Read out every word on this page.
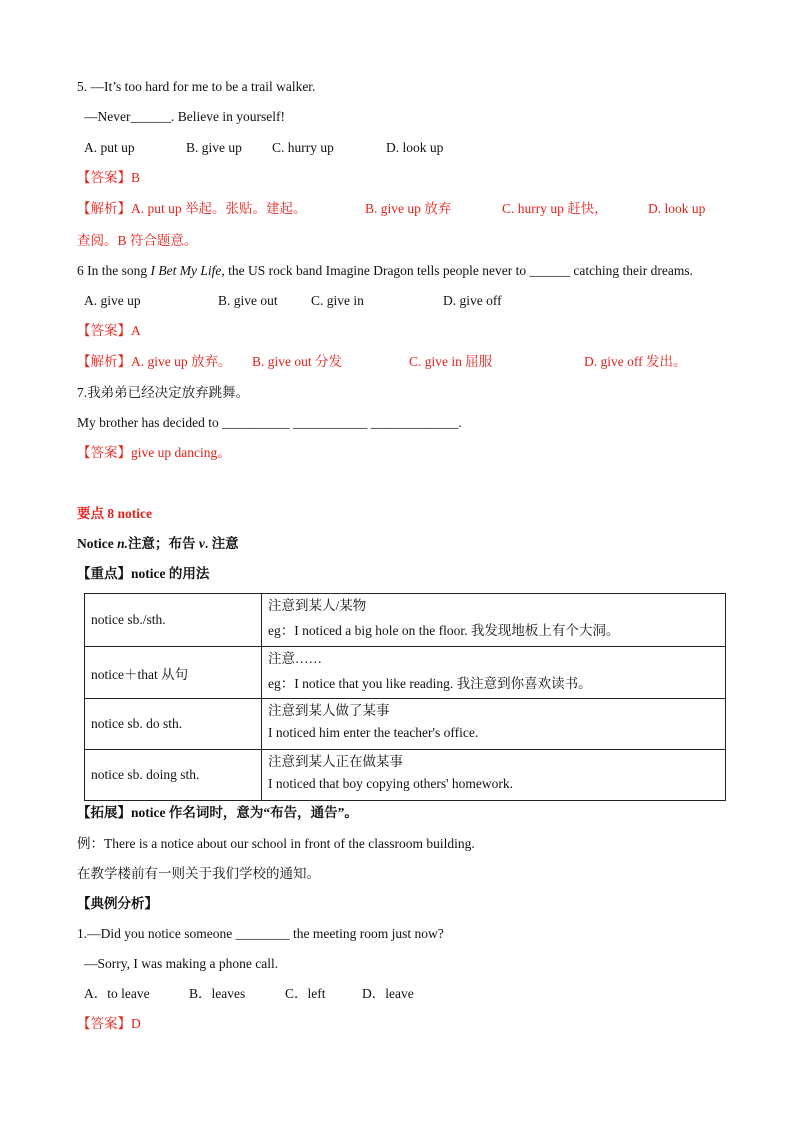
5. —It’s too hard for me to be a trail walker.
—Never______. Believe in yourself!
A. put up	B. give up C. hurry up	D. look up
【答案】B
【解析】A. put up 举起。张贴。建起。	B. give up 放弃	C. hurry up 赶快，	D. look up
查阅。B 符合题意。
6 In the song I Bet My Life, the US rock band Imagine Dragon tells people never to ______ catching their dreams.
A. give up	B. give out C. give in	D. give off
【答案】A
【解析】A. give up 放弃。 B. give out 分发	C. give in 屈服	D. give off 发出。
7.我弟弟已经决定放弃跳舞。
My brother has decided to __________ ___________ _____________.
【答案】give up dancing。
要点 8 notice
Notice n.注意；布告 v. 注意
【重点】notice 的用法
notice sb./sth.	注意到某人/某物
eg：I noticed a big hole on the floor. 我发现地板上有个大洞。

notice＋that 从句	注意……
eg：I notice that you like reading. 我注意到你喜欢读书。

notice sb. do sth.	注意到某人做了某事
I noticed him enter the teacher's office.

notice sb. doing sth.	注意到某人正在做某事
I noticed that boy copying others' homework.
【拓展】notice 作名词时，意为“布告，通告”。
例：There is a notice about our school in front of the classroom building.
在教学楼前有一则关于我们学校的通知。
【典例分析】
1.—Did you notice someone ________ the meeting room just now?
—Sorry, I was making a phone call.
A．to leave	B．leaves	C．left	D．leave
【答案】D
